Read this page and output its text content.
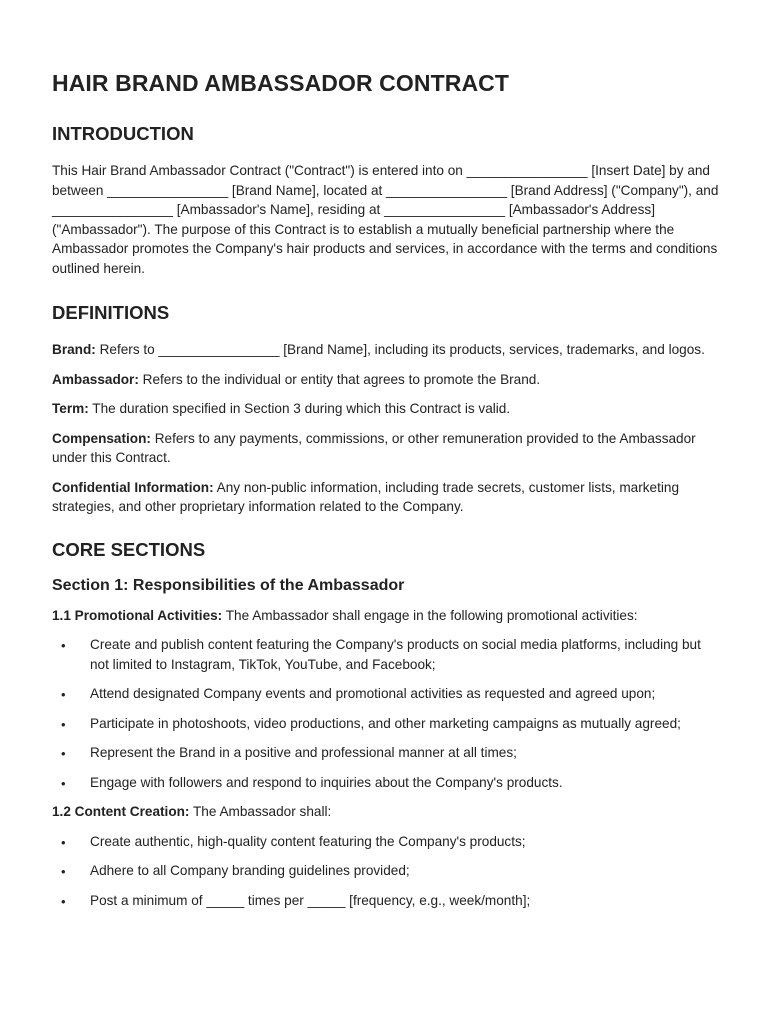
HAIR BRAND AMBASSADOR CONTRACT
INTRODUCTION

This Hair Brand Ambassador Contract ("Contract") is entered into on ________________ [Insert Date] by and between ________________ [Brand Name], located at ________________ [Brand Address] ("Company"), and ________________ [Ambassador's Name], residing at ________________ [Ambassador's Address] ("Ambassador"). The purpose of this Contract is to establish a mutually beneficial partnership where the Ambassador promotes the Company's hair products and services, in accordance with the terms and conditions outlined herein.

DEFINITIONS

Brand: Refers to ________________ [Brand Name], including its products, services, trademarks, and logos.

Ambassador: Refers to the individual or entity that agrees to promote the Brand.

Term: The duration specified in Section 3 during which this Contract is valid.

Compensation: Refers to any payments, commissions, or other remuneration provided to the Ambassador under this Contract.

Confidential Information: Any non-public information, including trade secrets, customer lists, marketing strategies, and other proprietary information related to the Company.

CORE SECTIONS
Section 1: Responsibilities of the Ambassador

1.1 Promotional Activities: The Ambassador shall engage in the following promotional activities:

• Create and publish content featuring the Company's products on social media platforms, including but not limited to Instagram, TikTok, YouTube, and Facebook;
• Attend designated Company events and promotional activities as requested and agreed upon;
• Participate in photoshoots, video productions, and other marketing campaigns as mutually agreed;
• Represent the Brand in a positive and professional manner at all times;
• Engage with followers and respond to inquiries about the Company's products.

1.2 Content Creation: The Ambassador shall:

• Create authentic, high-quality content featuring the Company's products;
• Adhere to all Company branding guidelines provided;
• Post a minimum of _____ times per _____ [frequency, e.g., week/month];
